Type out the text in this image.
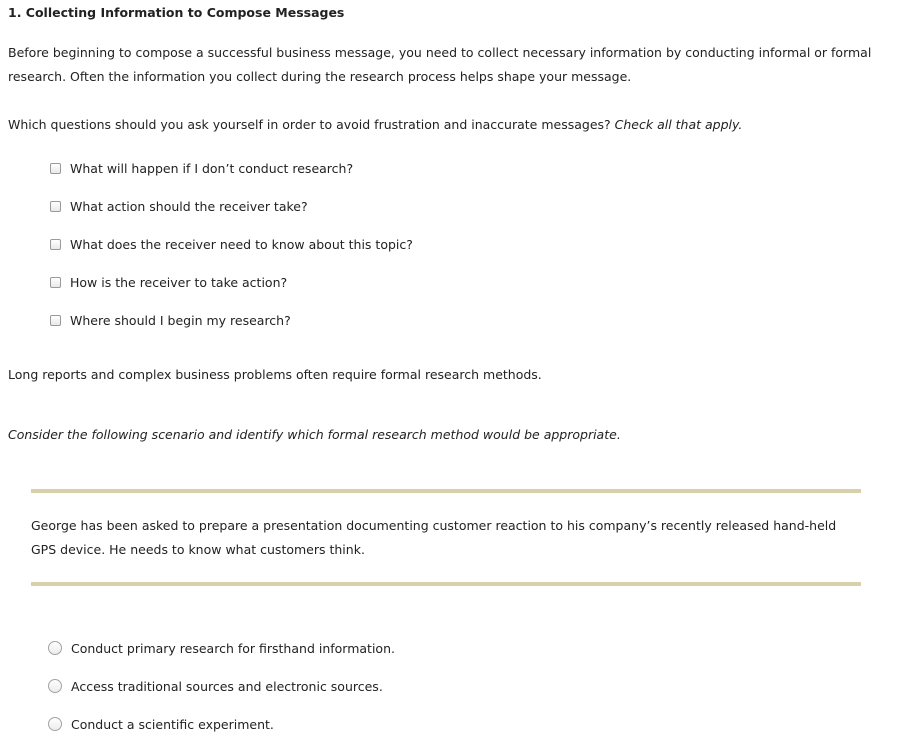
1. Collecting Information to Compose Messages
Before beginning to compose a successful business message, you need to collect necessary information by conducting informal or formal research. Often the information you collect during the research process helps shape your message.
Which questions should you ask yourself in order to avoid frustration and inaccurate messages? Check all that apply.
What will happen if I don’t conduct research?
What action should the receiver take?
What does the receiver need to know about this topic?
How is the receiver to take action?
Where should I begin my research?
Long reports and complex business problems often require formal research methods.
Consider the following scenario and identify which formal research method would be appropriate.
George has been asked to prepare a presentation documenting customer reaction to his company’s recently released hand-held GPS device. He needs to know what customers think.
Conduct primary research for firsthand information.
Access traditional sources and electronic sources.
Conduct a scientific experiment.
